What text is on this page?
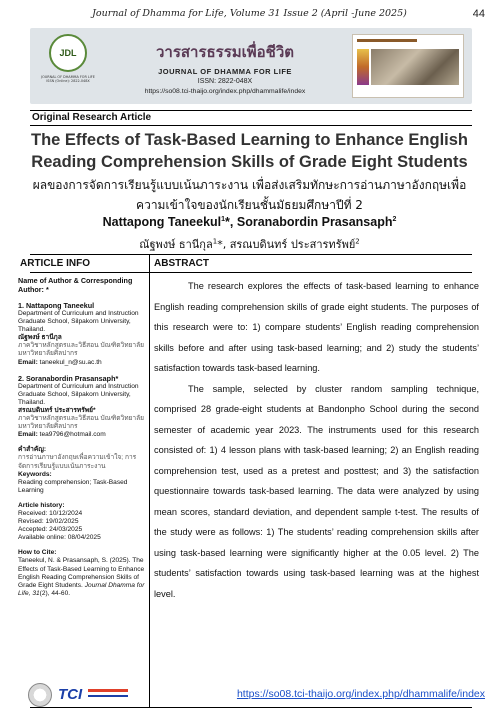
Journal of Dhamma for Life, Volume 31 Issue 2 (April -June 2025)	44
JDL
JOURNAL OF DHAMMA FOR LIFE ISSN (Online): 2822-048X
วารสารธรรมเพื่อชีวิต
JOURNAL OF DHAMMA FOR LIFE
ISSN: 2822-048X
https://so08.tci-thaijo.org/index.php/dhammalife/index
Original Research Article
The Effects of Task-Based Learning to Enhance English Reading Comprehension Skills of Grade Eight Students
ผลของการจัดการเรียนรู้แบบเน้นภาระงาน เพื่อส่งเสริมทักษะการอ่านภาษาอังกฤษเพื่อความเข้าใจของนักเรียนชั้นมัธยมศึกษาปีที่ 2
Nattapong Taneekul$^1$*, Soranabordin Prasansaph$^2$
ณัฐพงษ์ ธานีกุล$^1$*, สรณบดินทร์ ประสารทรัพย์$^2$
ARTICLE INFO	ABSTRACT
Name of Author & Corresponding Author: *
1. Nattapong Taneekul
Department of Curriculum and Instruction Graduate School, Silpakorn University, Thailand.
ณัฐพงษ์ ธานีกุล
ภาควิชาหลักสูตรและวิธีสอน บัณฑิตวิทยาลัย มหาวิทยาลัยศิลปากร
Email: taneekul_n@su.ac.th
2. Soranabordin Prasansaph*
Department of Curriculum and Instruction Graduate School, Silpakorn University, Thailand.
สรณบดินทร์ ประสารทรัพย์*
ภาควิชาหลักสูตรและวิธีสอน บัณฑิตวิทยาลัย มหาวิทยาลัยศิลปากร
Email: tea9796@hotmail.com
คำสำคัญ:
การอ่านภาษาอังกฤษเพื่อความเข้าใจ; การจัดการเรียนรู้แบบเน้นภาระงาน
Keywords:
Reading comprehension; Task-Based Learning
Article history:
Received: 10/12/2024
Revised: 19/02/2025
Accepted: 24/03/2025
Available online: 08/04/2025
How to Cite:
Taneekul, N. & Prasansaph, S. (2025). The Effects of Task-Based Learning to Enhance English Reading Comprehension Skills of Grade Eight Students. Journal Dhamma for Life, 31(2), 44-60.

The research explores the effects of task-based learning to enhance English reading comprehension skills of grade eight students. The purposes of this research were to: 1) compare students’ English reading comprehension skills before and after using task-based learning; and 2) study the students’ satisfaction towards task-based learning.

The sample, selected by cluster random sampling technique, comprised 28 grade-eight students at Bandonpho School during the second semester of academic year 2023. The instruments used for this research consisted of: 1) 4 lesson plans with task-based learning; 2) an English reading comprehension test, used as a pretest and posttest; and 3) the satisfaction questionnaire towards task-based learning. The data were analyzed by using mean scores, standard deviation, and dependent sample t-test. The results of the study were as follows: 1) The students’ reading comprehension skills after using task-based learning were significantly higher at the 0.05 level. 2) The students’ satisfaction towards using task-based learning was at the highest level.

TCI	https://so08.tci-thaijo.org/index.php/dhammalife/index
